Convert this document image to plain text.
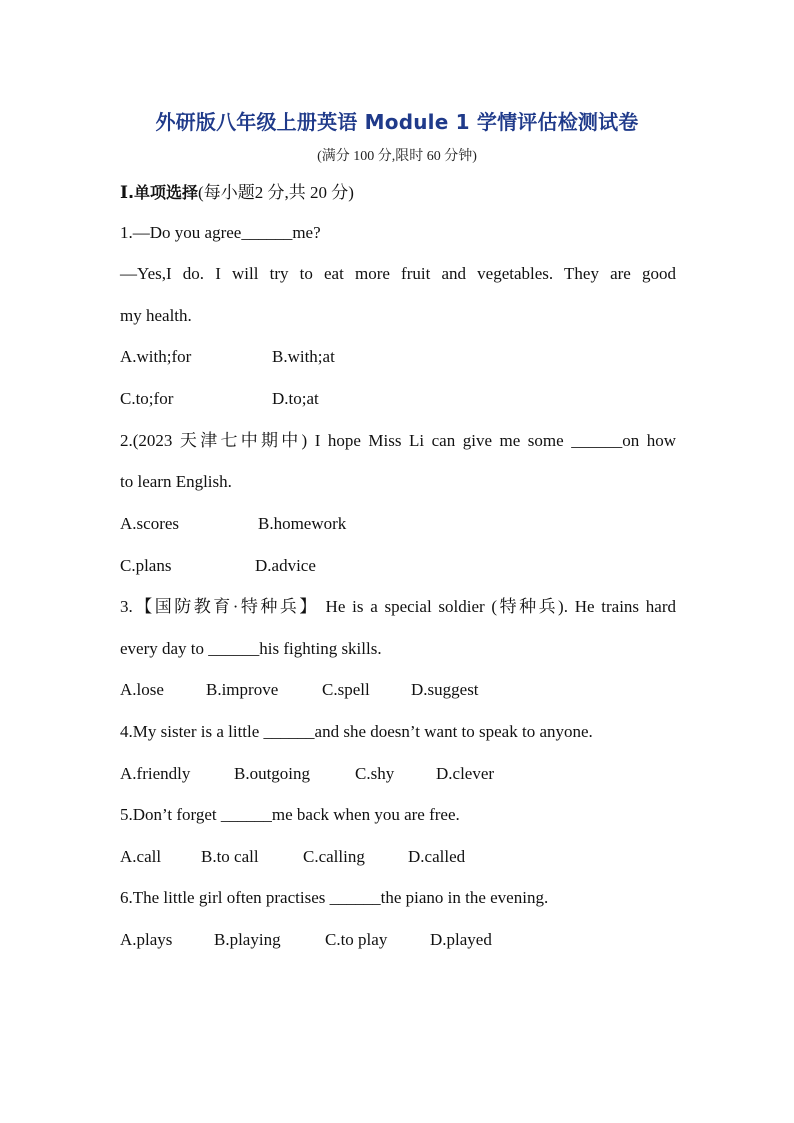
外研版八年级上册英语 Module 1 学情评估检测试卷
(满分 100 分,限时 60 分钟)
Ⅰ.单项选择(每小题2 分,共 20 分)
1.—Do you agree______me?
—Yes,I do. I will try to eat more fruit and vegetables. They are good
my health.
A.with;for	B.with;at
C.to;for	D.to;at
2.(2023 天津七中期中) I hope Miss Li can give me some ______on how
to learn English.
A.scores	B.homework
C.plans	D.advice
3.【国防教育·特种兵】 He is a special soldier (特种兵). He trains hard
every day to ______his fighting skills.
A.lose B.improve	C.spell D.suggest
4.My sister is a little ______and she doesn’t want to speak to anyone.
A.friendly	B.outgoing	C.shy D.clever
5.Don’t forget ______me back when you are free.
A.call B.to call	C.calling	D.called
6.The little girl often practises ______the piano in the evening.
A.plays B.playing	C.to play	D.played
